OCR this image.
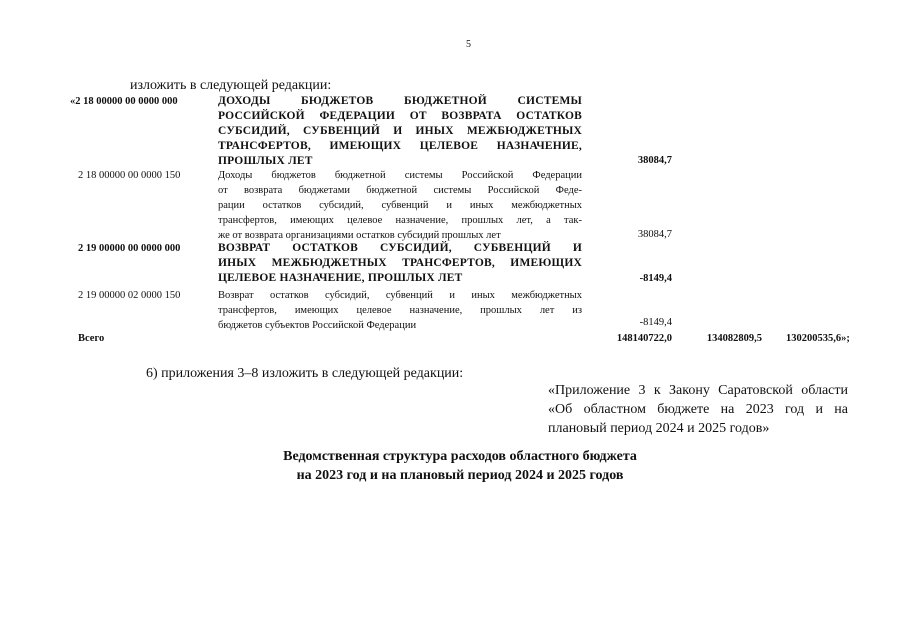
5
изложить в следующей редакции:
«2 18 00000 00 0000 000	ДОХОДЫ БЮДЖЕТОВ БЮДЖЕТНОЙ СИСТЕМЫ
РОССИЙСКОЙ ФЕДЕРАЦИИ ОТ ВОЗВРАТА ОСТАТКОВ
СУБСИДИЙ, СУБВЕНЦИЙ И ИНЫХ МЕЖБЮДЖЕТНЫХ
ТРАНСФЕРТОВ, ИМЕЮЩИХ ЦЕЛЕВОЕ НАЗНАЧЕНИЕ,
ПРОШЛЫХ ЛЕТ	38084,7
2 18 00000 00 0000 150	Доходы бюджетов бюджетной системы Российской Федерации
от возврата бюджетами бюджетной системы Российской Феде-
рации остатков субсидий, субвенций и иных межбюджетных
трансфертов, имеющих целевое назначение, прошлых лет, а так-
же от возврата организациями остатков субсидий прошлых лет	38084,7
2 19 00000 00 0000 000	ВОЗВРАТ ОСТАТКОВ СУБСИДИЙ, СУБВЕНЦИЙ И
ИНЫХ МЕЖБЮДЖЕТНЫХ ТРАНСФЕРТОВ, ИМЕЮЩИХ
ЦЕЛЕВОЕ НАЗНАЧЕНИЕ, ПРОШЛЫХ ЛЕТ	-8149,4
2 19 00000 02 0000 150	Возврат остатков субсидий, субвенций и иных межбюджетных
трансфертов, имеющих целевое назначение, прошлых лет из
бюджетов субъектов Российской Федерации	-8149,4
Всего	148140722,0	134082809,5 130200535,6»;
6) приложения 3–8 изложить в следующей редакции:
«Приложение 3 к Закону Саратовской области «Об областном бюджете на 2023 год и на плановый период 2024 и 2025 годов»
Ведомственная структура расходов областного бюджета
на 2023 год и на плановый период 2024 и 2025 годов
